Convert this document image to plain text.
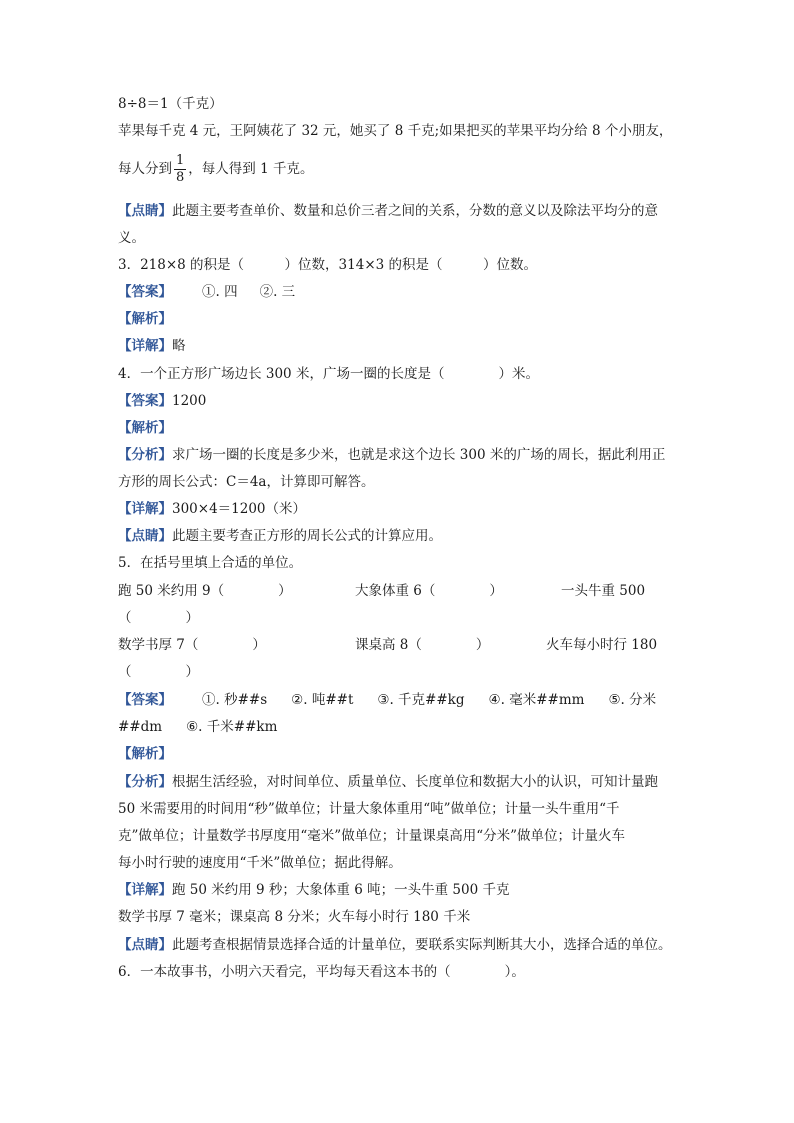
8÷8＝1（千克）
苹果每千克 4 元，王阿姨花了 32 元，她买了 8 千克;如果把买的苹果平均分给 8 个小朋友，
每人分到 $\frac{1}{8}$ ，每人得到 1 千克。
【点睛】此题主要考查单价、数量和总价三者之间的关系，分数的意义以及除法平均分的意
义。
3．218×8 的积是（　　　）位数，314×3 的积是（　　　）位数。
【答案】 ①. 四 ②. 三
【解析】
【详解】略
4．一个正方形广场边长 300 米，广场一圈的长度是（　　　　）米。
【答案】1200
【解析】
【分析】求广场一圈的长度是多少米，也就是求这个边长 300 米的广场的周长，据此利用正
方形的周长公式：C＝4a，计算即可解答。
【详解】300×4＝1200（米）
【点睛】此题主要考查正方形的周长公式的计算应用。
5．在括号里填上合适的单位。
跑 50 米约用 9（　　　　）	大象体重 6（　　　　）	一头牛重 500
（　　　　）
数学书厚 7（　　　　）	课桌高 8（　　　　）	火车每小时行 180
（　　　　）
【答案】 ①. 秒##s ②. 吨##t ③. 千克##kg ④. 毫米##mm ⑤. 分米
##dm ⑥. 千米##km
【解析】
【分析】根据生活经验，对时间单位、质量单位、长度单位和数据大小的认识，可知计量跑
50 米需要用的时间用“秒”做单位；计量大象体重用“吨”做单位；计量一头牛重用“千
克”做单位；计量数学书厚度用“毫米”做单位；计量课桌高用“分米”做单位；计量火车
每小时行驶的速度用“千米”做单位；据此得解。
【详解】跑 50 米约用 9 秒；大象体重 6 吨；一头牛重 500 千克
数学书厚 7 毫米；课桌高 8 分米；火车每小时行 180 千米
【点睛】此题考查根据情景选择合适的计量单位，要联系实际判断其大小，选择合适的单位。
6．一本故事书，小明六天看完，平均每天看这本书的（　　　　）。
